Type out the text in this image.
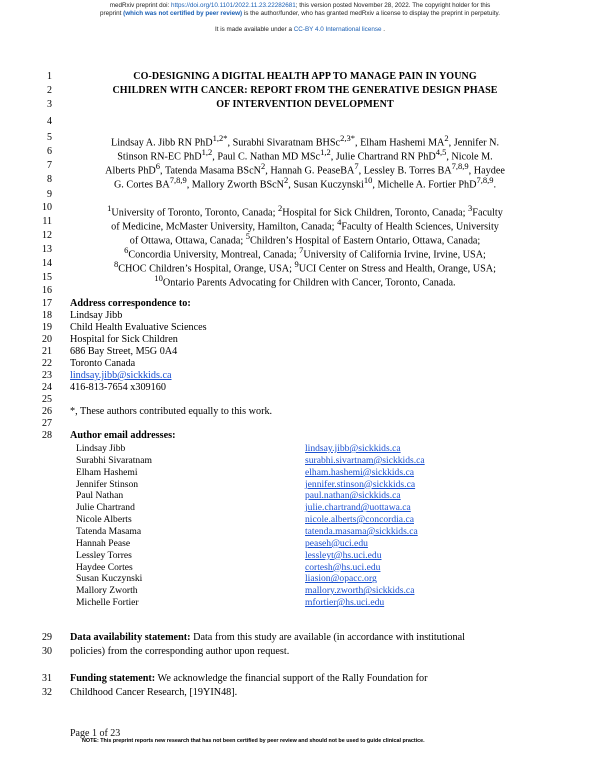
medRxiv preprint doi: https://doi.org/10.1101/2022.11.23.22282681; this version posted November 28, 2022. The copyright holder for this
preprint (which was not certified by peer review) is the author/funder, who has granted medRxiv a license to display the preprint in perpetuity.
It is made available under a CC-BY 4.0 International license .
1
2
3
4
5
6
7
8
9
10
11
12
13
14
15
16
17
18
19
20
21
22
23
24
25
26
27
28
29
30
31
32
CO-DESIGNING A DIGITAL HEALTH APP TO MANAGE PAIN IN YOUNG
CHILDREN WITH CANCER: REPORT FROM THE GENERATIVE DESIGN PHASE
OF INTERVENTION DEVELOPMENT
Lindsay A. Jibb RN PhD$^{1,2*}$, Surabhi Sivaratnam BHSc$^{2,3*}$, Elham Hashemi $MA^2$, Jennifer N.
Stinson RN-EC PhD$^{1,2}$, Paul C. Nathan MD MSc$^{1,2}$, Julie Chartrand RN PhD$^{4,5}$, Nicole M.
Alberts PhD$^6$, Tatenda Masama BScN$^2$, Hannah G. PeaseBA$^7$, Lessley B. Torres BA$^{7,8,9}$, Haydee
G. Cortes BA$^{7,8,9}$, Mallory Zworth BScN$^2$, Susan Kuczynski$^{10}$, Michelle A. Fortier PhD$^{7,8,9}$.
$^1$University of Toronto, Toronto, Canada; $^2$Hospital for Sick Children, Toronto, Canada; $^3$Faculty
of Medicine, McMaster University, Hamilton, Canada; $^4$Faculty of Health Sciences, University
of Ottawa, Ottawa, Canada; $^5$Children’s Hospital of Eastern Ontario, Ottawa, Canada;
$^6$Concordia University, Montreal, Canada; $^7$University of California Irvine, Irvine, USA;
$^8$CHOC Children’s Hospital, Orange, USA; $^9$UCI Center on Stress and Health, Orange, USA;
$^{10}$Ontario Parents Advocating for Children with Cancer, Toronto, Canada.
Address correspondence to:
Lindsay Jibb
Child Health Evaluative Sciences
Hospital for Sick Children
686 Bay Street, M5G 0A4
Toronto Canada
lindsay.jibb@sickkids.ca
416-813-7654 x309160
*, These authors contributed equally to this work.
Author email addresses:
Lindsay Jibb	lindsay.jibb@sickkids.ca
Surabhi Sivaratnam	surabhi.sivartnam@sickkids.ca
Elham Hashemi	elham.hashemi@sickkids.ca
Jennifer Stinson	jennifer.stinson@sickkids.ca
Paul Nathan	paul.nathan@sickkids.ca
Julie Chartrand	julie.chartrand@uottawa.ca
Nicole Alberts	nicole.alberts@concordia.ca
Tatenda Masama	tatenda.masama@sickkids.ca
Hannah Pease	peaseh@uci.edu
Lessley Torres	lessleyt@hs.uci.edu
Haydee Cortes	cortesh@hs.uci.edu
Susan Kuczynski	liasion@opacc.org
Mallory Zworth	mallory.zworth@sickkids.ca
Michelle Fortier	mfortier@hs.uci.edu
Data availability statement: Data from this study are available (in accordance with institutional
policies) from the corresponding author upon request.
Funding statement: We acknowledge the financial support of the Rally Foundation for
Childhood Cancer Research, [19YIN48].
Page 1 of 23
NOTE: This preprint reports new research that has not been certified by peer review and should not be used to guide clinical practice.
